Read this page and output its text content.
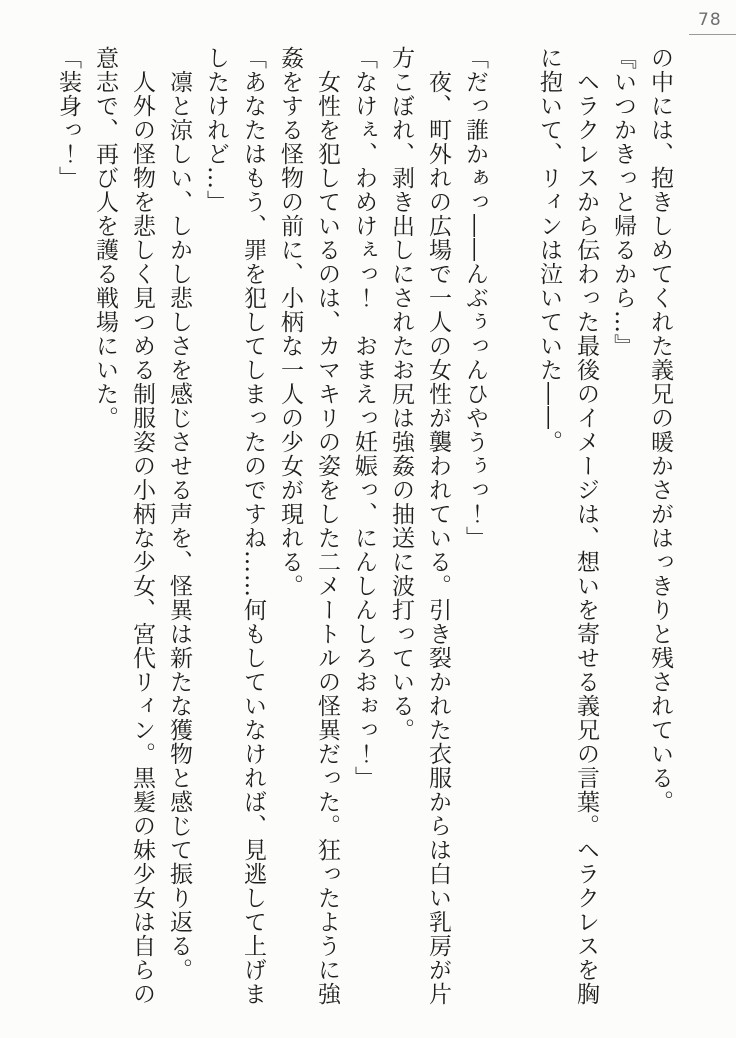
78

の中には、抱きしめてくれた義兄の暖かさがはっきりと残されている。

『いつかきっと帰るから…』

　ヘラクレスから伝わった最後のイメージは、想いを寄せる義兄の言葉。ヘラクレスを胸に抱いて、リィンは泣いていた――。

「だっ誰かぁっ――んぶぅっんひやうぅっ！」

　夜、町外れの広場で一人の女性が襲われている。引き裂かれた衣服からは白い乳房が片方こぼれ、剥き出しにされたお尻は強姦の抽送に波打っている。

「なけぇ、わめけぇっ！　おまえっ妊娠っ、にんしんしろおぉっ！」

　女性を犯しているのは、カマキリの姿をした二メートルの怪異だった。狂ったように強姦をする怪物の前に、小柄な一人の少女が現れる。

「あなたはもう、罪を犯してしまったのですね……何もしていなければ、見逃して上げましたけれど…」

　凛と涼しい、しかし悲しさを感じさせる声を、怪異は新たな獲物と感じて振り返る。

　人外の怪物を悲しく見つめる制服姿の小柄な少女、宮代リィン。黒髪の妹少女は自らの意志で、再び人を護る戦場にいた。

「装身っ！」
